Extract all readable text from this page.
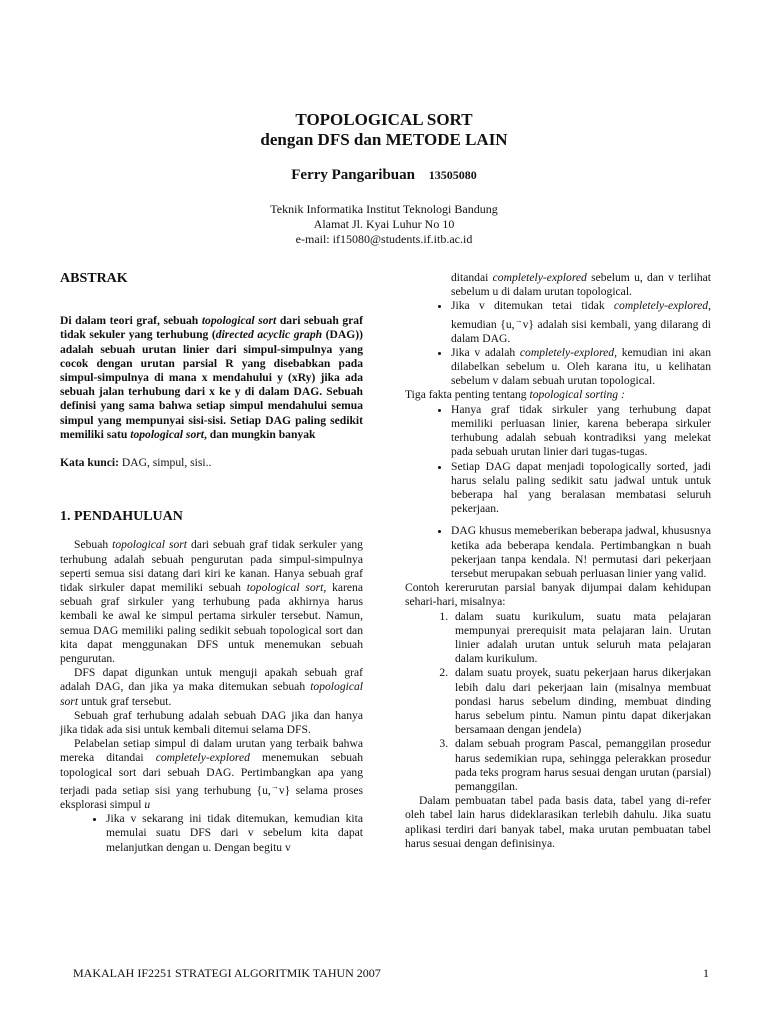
TOPOLOGICAL SORT
dengan DFS dan METODE LAIN
Ferry Pangaribuan 13505080
Teknik Informatika Institut Teknologi Bandung
Alamat Jl. Kyai Luhur No 10
e-mail: if15080@students.if.itb.ac.id

ABSTRAK

Di dalam teori graf, sebuah topological sort dari sebuah graf tidak sekuler yang terhubung (directed acyclic graph (DAG)) adalah sebuah urutan linier dari simpul-simpulnya yang cocok dengan urutan parsial R yang disebabkan pada simpul-simpulnya di mana x mendahului y (xRy) jika ada sebuah jalan terhubung dari x ke y di dalam DAG. Sebuah definisi yang sama bahwa setiap simpul mendahului semua simpul yang mempunyai sisi-sisi. Setiap DAG paling sedikit memiliki satu topological sort, dan mungkin banyak

Kata kunci: DAG, simpul, sisi..

1. PENDAHULUAN

Sebuah topological sort dari sebuah graf tidak serkuler yang terhubung adalah sebuah pengurutan pada simpul-simpulnya seperti semua sisi datang dari kiri ke kanan. Hanya sebuah graf tidak sirkuler dapat memiliki sebuah topological sort, karena sebuah graf sirkuler yang terhubung pada akhirnya harus kembali ke awal ke simpul pertama sirkuler tersebut. Namun, semua DAG memiliki paling sedikit sebuah topological sort dan kita dapat menggunakan DFS untuk menemukan sebuah pengurutan.

DFS dapat digunkan untuk menguji apakah sebuah graf adalah DAG, dan jika ya maka ditemukan sebuah topological sort untuk graf tersebut.

Sebuah graf terhubung adalah sebuah DAG jika dan hanya jika tidak ada sisi untuk kembali ditemui selama DFS.

Pelabelan setiap simpul di dalam urutan yang terbaik bahwa mereka ditandai completely-explored menemukan sebuah topological sort dari sebuah DAG. Pertimbangkan apa yang terjadi pada setiap sisi yang terhubung {u,→v} selama proses eksplorasi simpul u

• Jika v sekarang ini tidak ditemukan, kemudian kita memulai suatu DFS dari v sebelum kita dapat melanjutkan dengan u. Dengan begitu v
ditandai completely-explored sebelum u, dan v terlihat sebelum u di dalam urutan topological.
• Jika v ditemukan tetai tidak completely-explored, kemudian {u,→v} adalah sisi kembali, yang dilarang di dalam DAG.
• Jika v adalah completely-explored, kemudian ini akan dilabelkan sebelum u. Oleh karana itu, u kelihatan sebelum v dalam sebuah urutan topological.

Tiga fakta penting tentang topological sorting :

• Hanya graf tidak sirkuler yang terhubung dapat memiliki perluasan linier, karena beberapa sirkuler terhubung adalah sebuah kontradiksi yang melekat pada sebuah urutan linier dari tugas-tugas.
• Setiap DAG dapat menjadi topologically sorted, jadi harus selalu paling sedikit satu jadwal untuk untuk beberapa hal yang beralasan membatasi seluruh pekerjaan.
• DAG khusus memeberikan beberapa jadwal, khususnya ketika ada beberapa kendala. Pertimbangkan n buah pekerjaan tanpa kendala. N! permutasi dari pekerjaan tersebut merupakan sebuah perluasan linier yang valid.

Contoh kererurutan parsial banyak dijumpai dalam kehidupan sehari-hari, misalnya:

1. dalam suatu kurikulum, suatu mata pelajaran mempunyai prerequisit mata pelajaran lain. Urutan linier adalah urutan untuk seluruh mata pelajaran dalam kurikulum.
2. dalam suatu proyek, suatu pekerjaan harus dikerjakan lebih dalu dari pekerjaan lain (misalnya membuat pondasi harus sebelum dinding, membuat dinding harus sebelum pintu. Namun pintu dapat dikerjakan bersamaan dengan jendela)
3. dalam sebuah program Pascal, pemanggilan prosedur harus sedemikian rupa, sehingga pelerakkan prosedur pada teks program harus sesuai dengan urutan (parsial) pemanggilan.

Dalam pembuatan tabel pada basis data, tabel yang di-refer oleh tabel lain harus dideklarasikan terlebih dahulu. Jika suatu aplikasi terdiri dari banyak tabel, maka urutan pembuatan tabel harus sesuai dengan definisinya.

MAKALAH IF2251 STRATEGI ALGORITMIK TAHUN 2007	1
